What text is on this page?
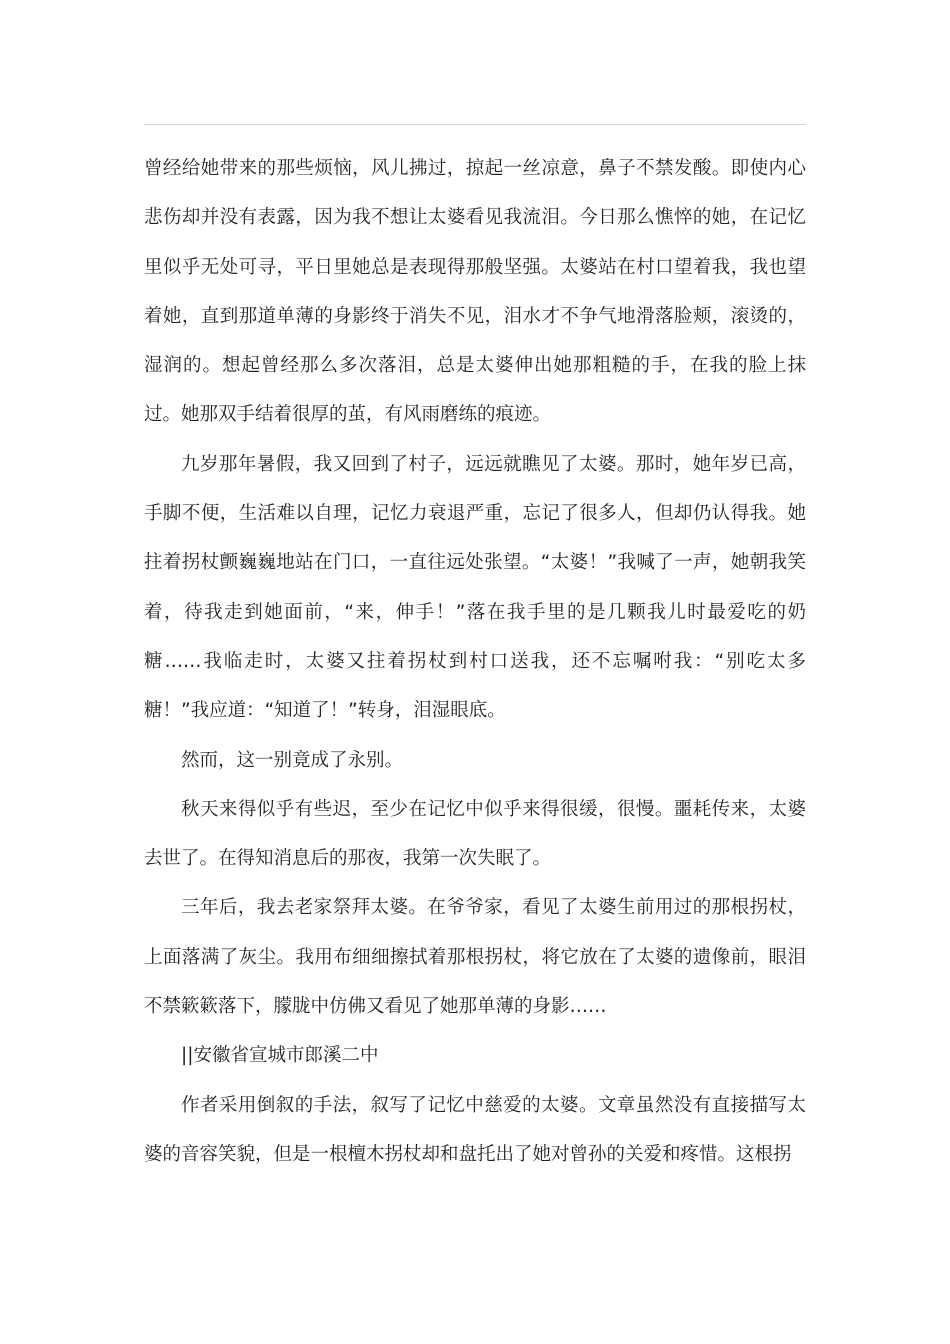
曾经给她带来的那些烦恼，风儿拂过，掠起一丝凉意，鼻子不禁发酸。即使内心悲伤却并没有表露，因为我不想让太婆看见我流泪。今日那么憔悴的她，在记忆里似乎无处可寻，平日里她总是表现得那般坚强。太婆站在村口望着我，我也望着她，直到那道单薄的身影终于消失不见，泪水才不争气地滑落脸颊，滚烫的，湿润的。想起曾经那么多次落泪，总是太婆伸出她那粗糙的手，在我的脸上抹过。她那双手结着很厚的茧，有风雨磨练的痕迹。

九岁那年暑假，我又回到了村子，远远就瞧见了太婆。那时，她年岁已高，手脚不便，生活难以自理，记忆力衰退严重，忘记了很多人，但却仍认得我。她拄着拐杖颤巍巍地站在门口，一直往远处张望。“太婆！”我喊了一声，她朝我笑着，待我走到她面前，“来，伸手！”落在我手里的是几颗我儿时最爱吃的奶糖……我临走时，太婆又拄着拐杖到村口送我，还不忘嘱咐我：“别吃太多糖！”我应道：“知道了！”转身，泪湿眼底。

然而，这一别竟成了永别。

秋天来得似乎有些迟，至少在记忆中似乎来得很缓，很慢。噩耗传来，太婆去世了。在得知消息后的那夜，我第一次失眠了。

三年后，我去老家祭拜太婆。在爷爷家，看见了太婆生前用过的那根拐杖，上面落满了灰尘。我用布细细擦拭着那根拐杖，将它放在了太婆的遗像前，眼泪不禁簌簌落下，朦胧中仿佛又看见了她那单薄的身影……

||安徽省宣城市郎溪二中

作者采用倒叙的手法，叙写了记忆中慈爱的太婆。文章虽然没有直接描写太婆的音容笑貌，但是一根檀木拐杖却和盘托出了她对曾孙的关爱和疼惜。这根拐
